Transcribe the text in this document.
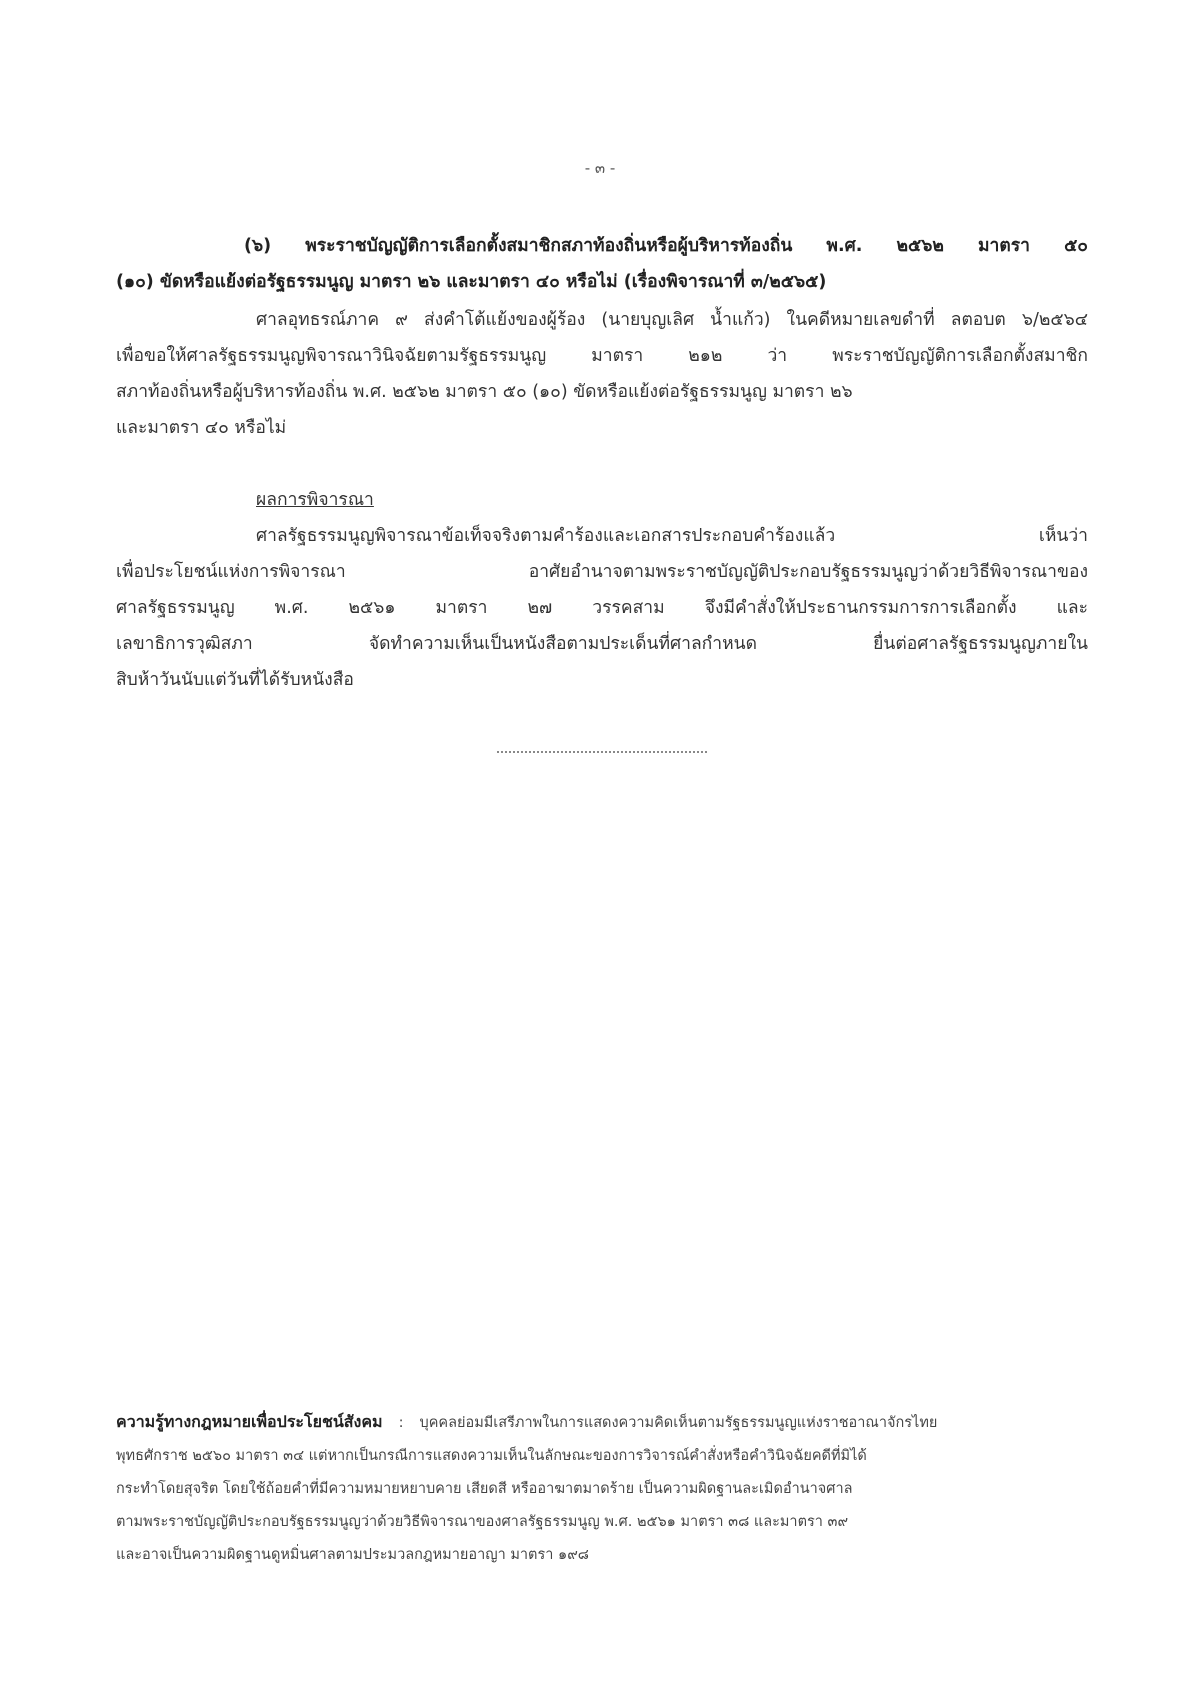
- ๓ -
(๖) พระราชบัญญัติการเลือกตั้งสมาชิกสภาท้องถิ่นหรือผู้บริหารท้องถิ่น พ.ศ. ๒๕๖๒ มาตรา ๕๐
(๑๐) ขัดหรือแย้งต่อรัฐธรรมนูญ มาตรา ๒๖ และมาตรา ๔๐ หรือไม่ (เรื่องพิจารณาที่ ๓/๒๕๖๕)
ศาลอุทธรณ์ภาค ๙ ส่งคำโต้แย้งของผู้ร้อง (นายบุญเลิศ น้ำแก้ว) ในคดีหมายเลขดำที่ ลตอบต ๖/๒๕๖๔
เพื่อขอให้ศาลรัฐธรรมนูญพิจารณาวินิจฉัยตามรัฐธรรมนูญ มาตรา ๒๑๒ ว่า พระราชบัญญัติการเลือกตั้งสมาชิก
สภาท้องถิ่นหรือผู้บริหารท้องถิ่น พ.ศ. ๒๕๖๒ มาตรา ๕๐ (๑๐) ขัดหรือแย้งต่อรัฐธรรมนูญ มาตรา ๒๖
และมาตรา ๔๐ หรือไม่
ผลการพิจารณา
ศาลรัฐธรรมนูญพิจารณาข้อเท็จจริงตามคำร้องและเอกสารประกอบคำร้องแล้ว เห็นว่า
เพื่อประโยชน์แห่งการพิจารณา อาศัยอำนาจตามพระราชบัญญัติประกอบรัฐธรรมนูญว่าด้วยวิธีพิจารณาของ
ศาลรัฐธรรมนูญ พ.ศ. ๒๕๖๑ มาตรา ๒๗ วรรคสาม จึงมีคำสั่งให้ประธานกรรมการการเลือกตั้ง และ
เลขาธิการวุฒิสภา จัดทำความเห็นเป็นหนังสือตามประเด็นที่ศาลกำหนด ยื่นต่อศาลรัฐธรรมนูญภายใน
สิบห้าวันนับแต่วันที่ได้รับหนังสือ
ความรู้ทางกฎหมายเพื่อประโยชน์สังคม : บุคคลย่อมมีเสรีภาพในการแสดงความคิดเห็นตามรัฐธรรมนูญแห่งราชอาณาจักรไทย
พุทธศักราช ๒๕๖๐ มาตรา ๓๔ แต่หากเป็นกรณีการแสดงความเห็นในลักษณะของการวิจารณ์คำสั่งหรือคำวินิจฉัยคดีที่มิได้
กระทำโดยสุจริต โดยใช้ถ้อยคำที่มีความหมายหยาบคาย เสียดสี หรืออาฆาตมาดร้าย เป็นความผิดฐานละเมิดอำนาจศาล
ตามพระราชบัญญัติประกอบรัฐธรรมนูญว่าด้วยวิธีพิจารณาของศาลรัฐธรรมนูญ พ.ศ. ๒๕๖๑ มาตรา ๓๘ และมาตรา ๓๙
และอาจเป็นความผิดฐานดูหมิ่นศาลตามประมวลกฎหมายอาญา มาตรา ๑๙๘
